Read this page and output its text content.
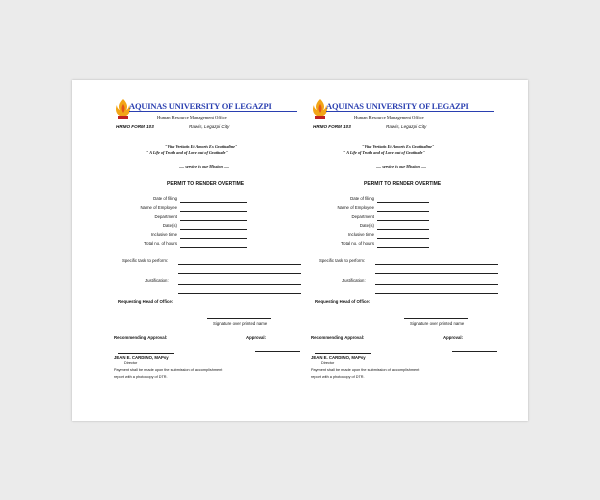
AQUINAS UNIVERSITY OF LEGAZPI
Human Resource Management Office
HRMO FORM 103	Rawis, Legazpi City
"Vita Veritatis Et Amoris Ex Gratitudine"
" A Life of Truth and of Love out of Gratitude"
..... service is our Mission .....
PERMIT TO RENDER OVERTIME
Date of filing
Name of Employee
Department
Date(s)
Inclusive time
Total no. of hours
Specific task to perform:
Justification:
Requesting Head of Office:
Signature over printed name
Recommending Approval:	Approval:
JEAN E. CARDINO, MAPsy
Director
Payment shall be made upon the submission of accomplishment
report with a photocopy of DTR.
AQUINAS UNIVERSITY OF LEGAZPI
Human Resource Management Office
HRMO FORM 103	Rawis, Legazpi City
"Vita Veritatis Et Amoris Ex Gratitudine"
" A Life of Truth and of Love out of Gratitude"
..... service is our Mission .....
PERMIT TO RENDER OVERTIME
Date of filing
Name of Employee
Department
Date(s)
Inclusive time
Total no. of hours
Specific task to perform:
Justification:
Requesting Head of Office:
Signature over printed name
Recommending Approval:	Approval:
JEAN E. CARDINO, MAPsy
Director
Payment shall be made upon the submission of accomplishment
report with a photocopy of DTR.
